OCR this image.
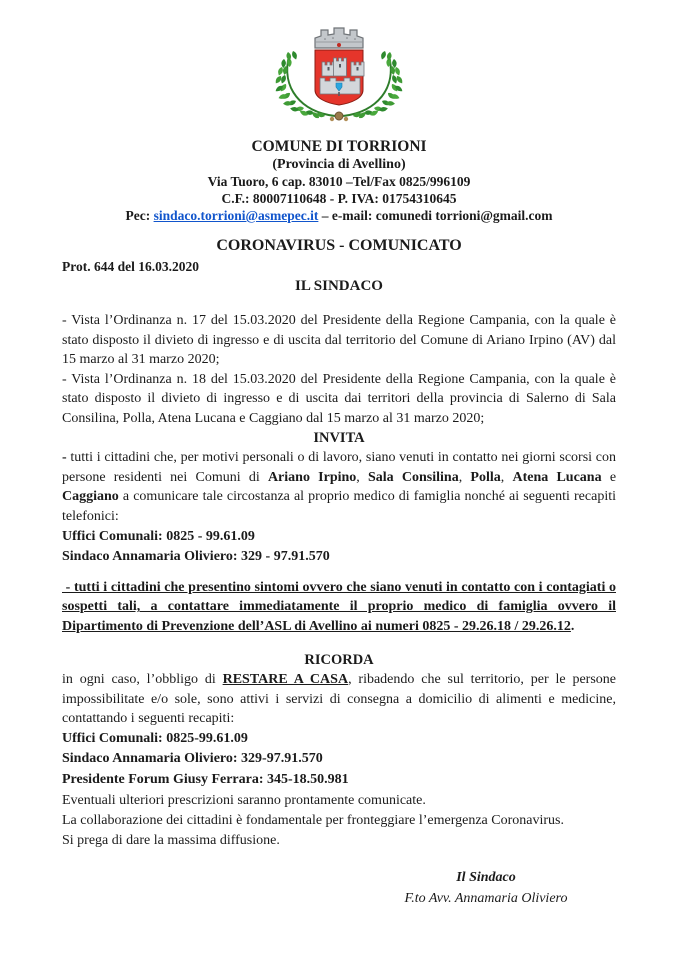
COMUNE DI TORRIONI
(Provincia di Avellino)
Via Tuoro, 6 cap. 83010 –Tel/Fax 0825/996109
C.F.: 80007110648 - P. IVA: 01754310645
Pec: sindaco.torrioni@asmepec.it – e-mail: comunedi torrioni@gmail.com
CORONAVIRUS - COMUNICATO
Prot. 644 del 16.03.2020
IL SINDACO

- Vista l’Ordinanza n. 17 del 15.03.2020 del Presidente della Regione Campania, con la quale è stato disposto il divieto di ingresso e di uscita dal territorio del Comune di Ariano Irpino (AV) dal 15 marzo al 31 marzo 2020;

- Vista l’Ordinanza n. 18 del 15.03.2020 del Presidente della Regione Campania, con la quale è stato disposto il divieto di ingresso e di uscita dai territori della provincia di Salerno di Sala Consilina, Polla, Atena Lucana e Caggiano dal 15 marzo al 31 marzo 2020;

INVITA

- tutti i cittadini che, per motivi personali o di lavoro, siano venuti in contatto nei giorni scorsi con persone residenti nei Comuni di Ariano Irpino, Sala Consilina, Polla, Atena Lucana e Caggiano a comunicare tale circostanza al proprio medico di famiglia nonché ai seguenti recapiti telefonici:

Uffici Comunali: 0825 - 99.61.09

Sindaco Annamaria Oliviero: 329 - 97.91.570

- tutti i cittadini che presentino sintomi ovvero che siano venuti in contatto con i contagiati o sospetti tali, a contattare immediatamente il proprio medico di famiglia ovvero il Dipartimento di Prevenzione dell’ASL di Avellino ai numeri 0825 - 29.26.18 / 29.26.12.

RICORDA

in ogni caso, l’obbligo di RESTARE A CASA, ribadendo che sul territorio, per le persone impossibilitate e/o sole, sono attivi i servizi di consegna a domicilio di alimenti e medicine, contattando i seguenti recapiti:

Uffici Comunali: 0825-99.61.09

Sindaco Annamaria Oliviero: 329-97.91.570

Presidente Forum Giusy Ferrara: 345-18.50.981

Eventuali ulteriori prescrizioni saranno prontamente comunicate.

La collaborazione dei cittadini è fondamentale per fronteggiare l’emergenza Coronavirus.

Si prega di dare la massima diffusione.

Il Sindaco
F.to Avv. Annamaria Oliviero
